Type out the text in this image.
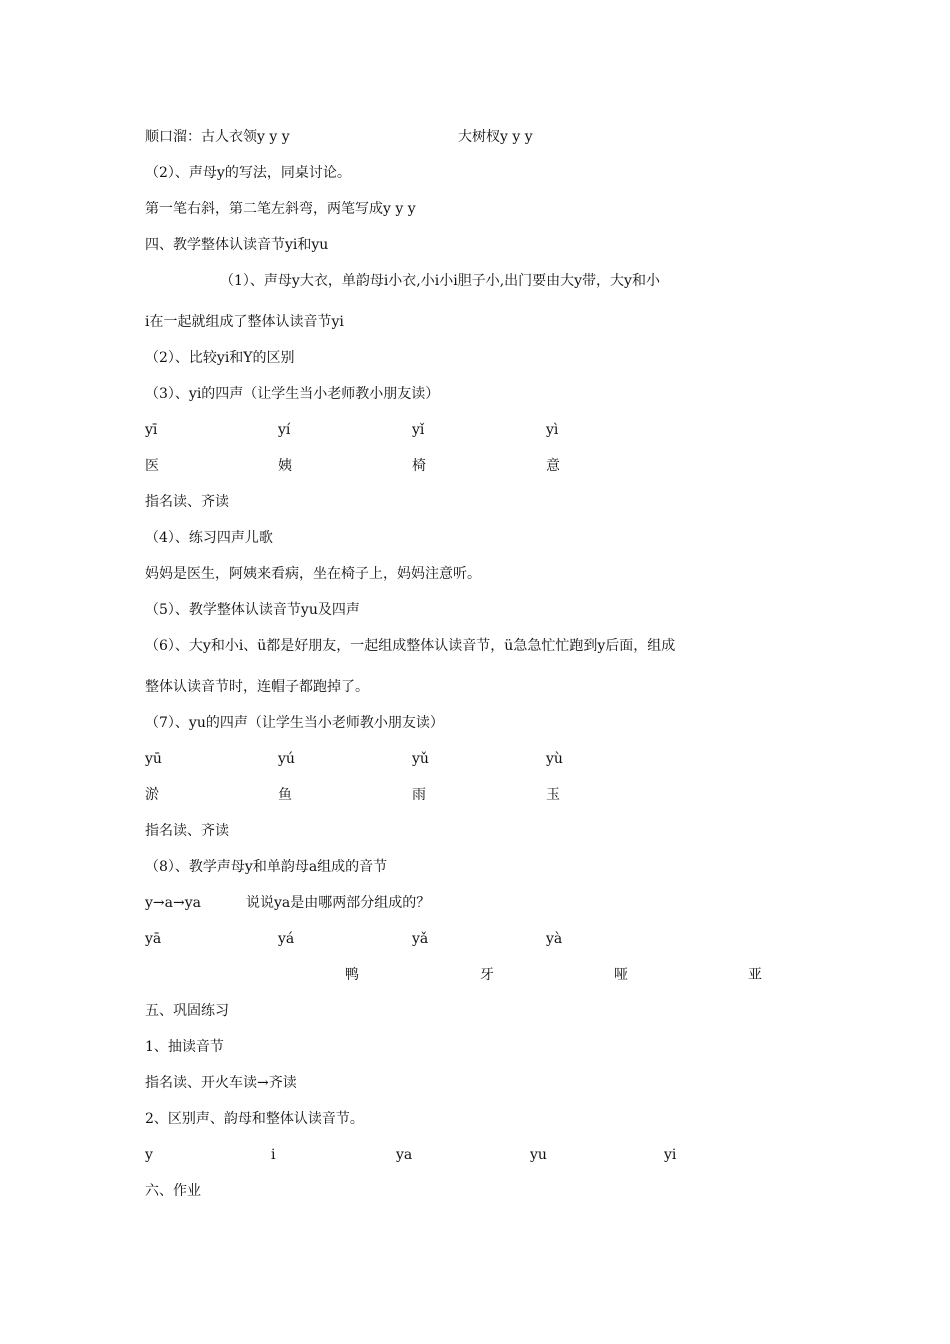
顺口溜：古人衣领y y y	大树杈y y y
（2）、声母y的写法，同桌讨论。
第一笔右斜，第二笔左斜弯，两笔写成y y y
四、教学整体认读音节yi和yu
（1）、声母y大衣，单韵母i小衣,小i小i胆子小,出门要由大y带，大y和小
i在一起就组成了整体认读音节yi
（2）、比较yi和Y的区别
（3）、yi的四声（让学生当小老师教小朋友读）
yī	yí	yǐ	yì
医	姨	椅	意
指名读、齐读
（4）、练习四声儿歌
妈妈是医生，阿姨来看病，坐在椅子上，妈妈注意听。
（5）、教学整体认读音节yu及四声
（6）、大y和小i、ü都是好朋友，一起组成整体认读音节，ü急急忙忙跑到y后面，组成
整体认读音节时，连帽子都跑掉了。
（7）、yu的四声（让学生当小老师教小朋友读）
yū	yú	yǔ	yù
淤	鱼	雨	玉
指名读、齐读
（8）、教学声母y和单韵母a组成的音节
y→a→ya	说说ya是由哪两部分组成的？
yā	yá	yǎ	yà
鸭	牙	哑	亚
五、巩固练习
1、抽读音节
指名读、开火车读→齐读
2、区别声、韵母和整体认读音节。
y	i	ya	yu	yi
六、作业
